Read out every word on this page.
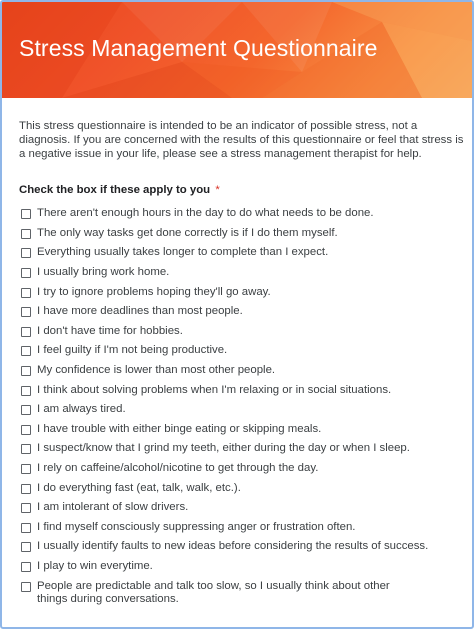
Stress Management Questionnaire
This stress questionnaire is intended to be an indicator of possible stress, not a diagnosis. If you are concerned with the results of this questionnaire or feel that stress is a negative issue in your life, please see a stress management therapist for help.
Check the box if these apply to you *
There aren't enough hours in the day to do what needs to be done.
The only way tasks get done correctly is if I do them myself.
Everything usually takes longer to complete than I expect.
I usually bring work home.
I try to ignore problems hoping they'll go away.
I have more deadlines than most people.
I don't have time for hobbies.
I feel guilty if I'm not being productive.
My confidence is lower than most other people.
I think about solving problems when I'm relaxing or in social situations.
I am always tired.
I have trouble with either binge eating or skipping meals.
I suspect/know that I grind my teeth, either during the day or when I sleep.
I rely on caffeine/alcohol/nicotine to get through the day.
I do everything fast (eat, talk, walk, etc.).
I am intolerant of slow drivers.
I find myself consciously suppressing anger or frustration often.
I usually identify faults to new ideas before considering the results of success.
I play to win everytime.
People are predictable and talk too slow, so I usually think about other things during conversations.
